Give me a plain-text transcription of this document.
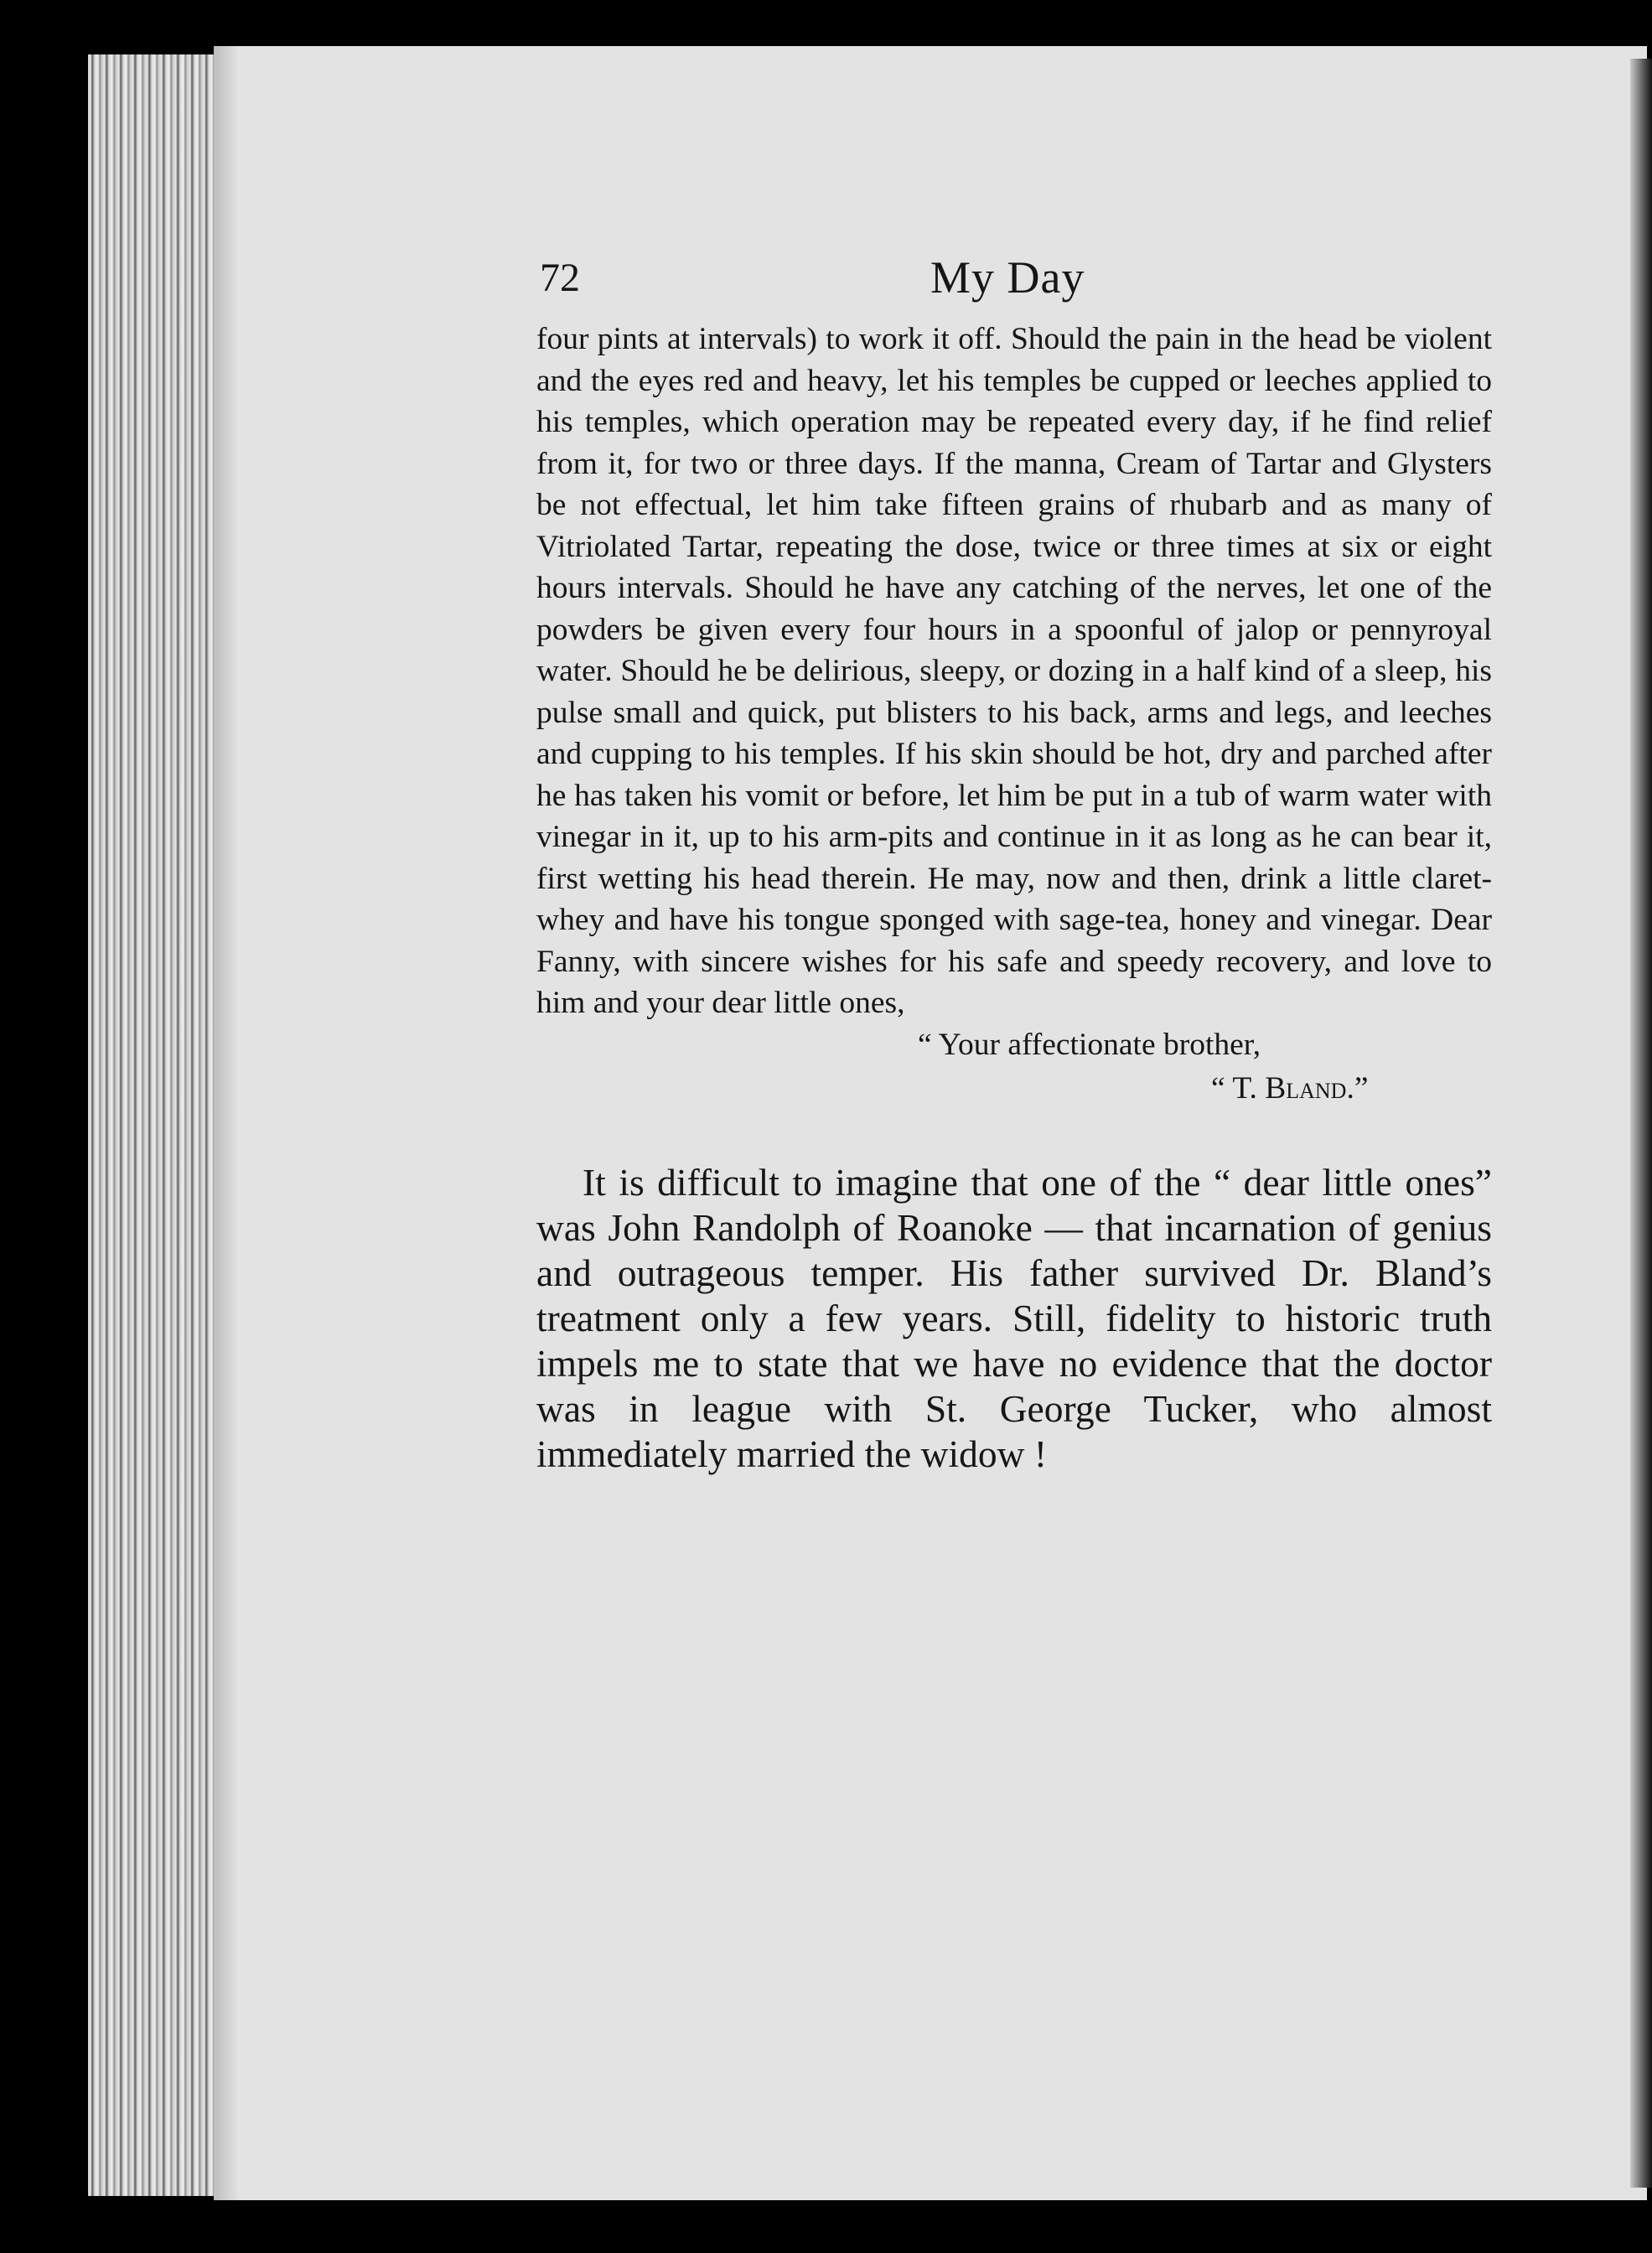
72	My Day

four pints at intervals) to work it off. Should the pain in the head be violent and the eyes red and heavy, let his temples be cupped or leeches applied to his temples, which operation may be repeated every day, if he find relief from it, for two or three days. If the manna, Cream of Tartar and Glysters be not effectual, let him take fifteen grains of rhubarb and as many of Vitriolated Tartar, repeating the dose, twice or three times at six or eight hours intervals. Should he have any catching of the nerves, let one of the powders be given every four hours in a spoonful of jalop or pennyroyal water. Should he be delirious, sleepy, or dozing in a half kind of a sleep, his pulse small and quick, put blisters to his back, arms and legs, and leeches and cupping to his temples. If his skin should be hot, dry and parched after he has taken his vomit or before, let him be put in a tub of warm water with vinegar in it, up to his arm-pits and continue in it as long as he can bear it, first wetting his head therein. He may, now and then, drink a little claret-whey and have his tongue sponged with sage-tea, honey and vinegar. Dear Fanny, with sincere wishes for his safe and speedy recovery, and love to him and your dear little ones,

“ Your affectionate brother,
“ T. Bland.”

It is difficult to imagine that one of the “ dear little ones” was John Randolph of Roanoke — that incarnation of genius and outrageous temper. His father survived Dr. Bland’s treatment only a few years. Still, fidelity to historic truth impels me to state that we have no evidence that the doctor was in league with St. George Tucker, who almost immediately married the widow !
